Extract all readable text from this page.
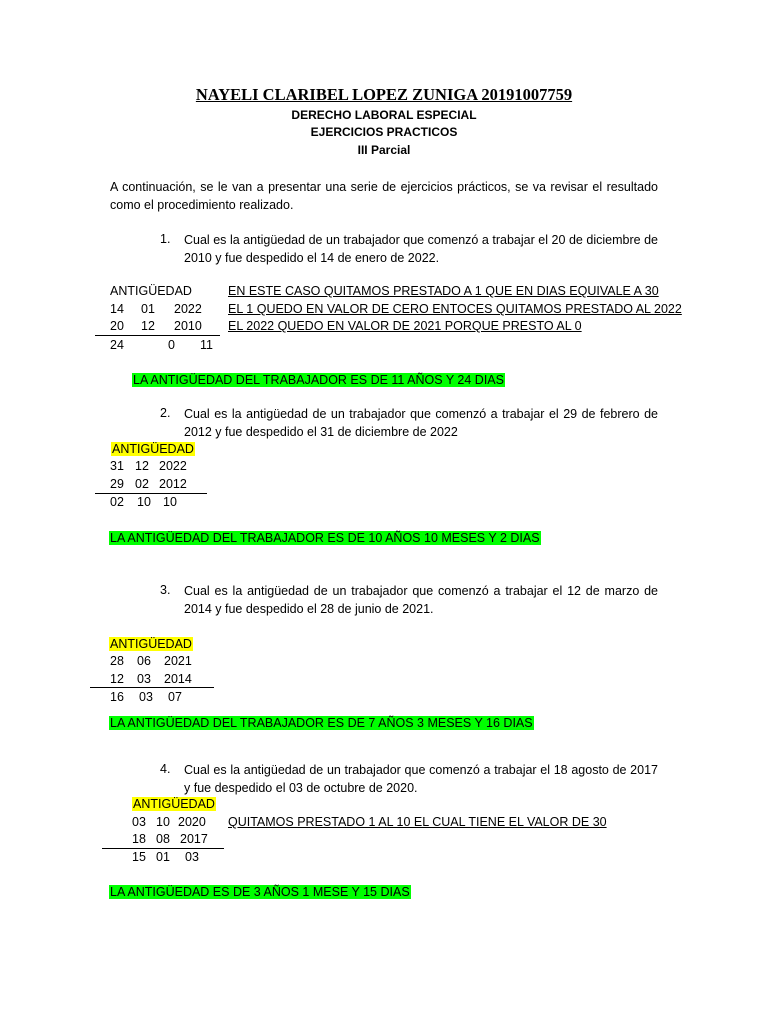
NAYELI CLARIBEL LOPEZ ZUNIGA 20191007759
DERECHO LABORAL ESPECIAL
EJERCICIOS PRACTICOS
III Parcial
A continuación, se le van a presentar una serie de ejercicios prácticos, se va revisar el resultado como el procedimiento realizado.
1. Cual es la antigüedad de un trabajador que comenzó a trabajar el 20 de diciembre de 2010 y fue despedido el 14 de enero de 2022.
ANTIGÜEDAD	EN ESTE CASO QUITAMOS PRESTADO A 1 QUE EN DIAS EQUIVALE A 30
14 01 2022 EL 1 QUEDO EN VALOR DE CERO ENTOCES QUITAMOS PRESTADO AL 2022
20 12 2010 EL 2022 QUEDO EN VALOR DE 2021 PORQUE PRESTO AL 0
24	0 11
LA ANTIGÜEDAD DEL TRABAJADOR ES DE 11 AÑOS Y 24 DIAS
2. Cual es la antigüedad de un trabajador que comenzó a trabajar el 29 de febrero de 2012 y fue despedido el 31 de diciembre de 2022
ANTIGÜEDAD
31 12 2022
29 02 2012
02 10 10
LA ANTIGÜEDAD DEL TRABAJADOR ES DE 10 AÑOS 10 MESES Y 2 DIAS
3. Cual es la antigüedad de un trabajador que comenzó a trabajar el 12 de marzo de 2014 y fue despedido el 28 de junio de 2021.
ANTIGÜEDAD
28 06 2021
12 03 2014
16 03 07
LA ANTIGÜEDAD DEL TRABAJADOR ES DE 7 AÑOS 3 MESES Y 16 DIAS
4. Cual es la antigüedad de un trabajador que comenzó a trabajar el 18 agosto de 2017 y fue despedido el 03 de octubre de 2020.
ANTIGÜEDAD
03 10 2020 QUITAMOS PRESTADO 1 AL 10 EL CUAL TIENE EL VALOR DE 30
18 08 2017
15 01 03
LA ANTIGÜEDAD ES DE 3 AÑOS 1 MESE Y 15 DIAS
